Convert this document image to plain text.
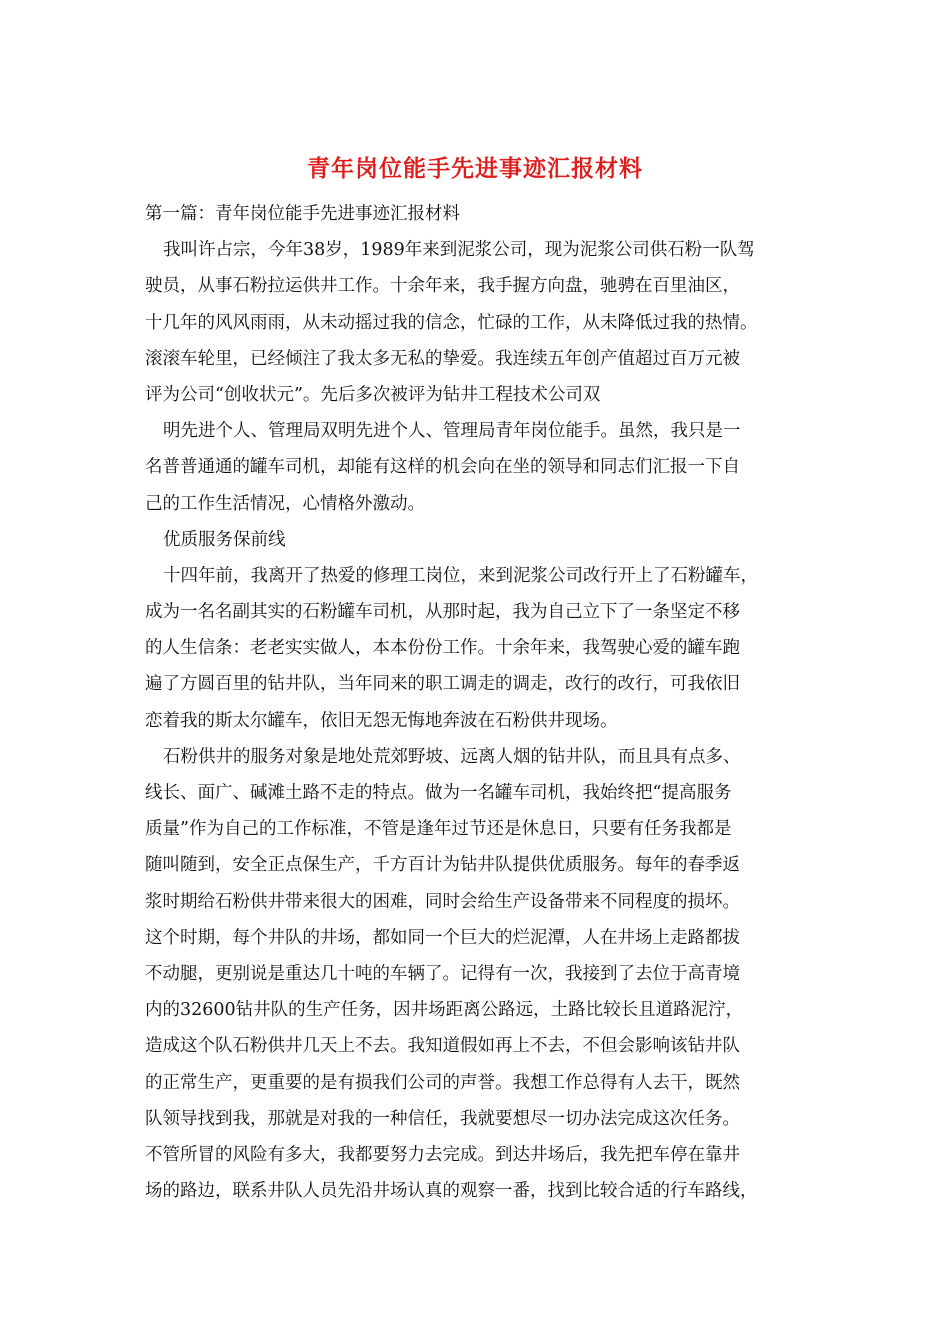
青年岗位能手先进事迹汇报材料
第一篇：青年岗位能手先进事迹汇报材料
我叫许占宗，今年38岁，1989年来到泥浆公司，现为泥浆公司供石粉一队驾
驶员，从事石粉拉运供井工作。十余年来，我手握方向盘，驰骋在百里油区，
十几年的风风雨雨，从未动摇过我的信念，忙碌的工作，从未降低过我的热情。
滚滚车轮里，已经倾注了我太多无私的挚爱。我连续五年创产值超过百万元被
评为公司“创收状元”。先后多次被评为钻井工程技术公司双
明先进个人、管理局双明先进个人、管理局青年岗位能手。虽然，我只是一
名普普通通的罐车司机，却能有这样的机会向在坐的领导和同志们汇报一下自
己的工作生活情况，心情格外激动。
优质服务保前线
十四年前，我离开了热爱的修理工岗位，来到泥浆公司改行开上了石粉罐车，
成为一名名副其实的石粉罐车司机，从那时起，我为自己立下了一条坚定不移
的人生信条：老老实实做人，本本份份工作。十余年来，我驾驶心爱的罐车跑
遍了方圆百里的钻井队，当年同来的职工调走的调走，改行的改行，可我依旧
恋着我的斯太尔罐车，依旧无怨无悔地奔波在石粉供井现场。
石粉供井的服务对象是地处荒郊野坡、远离人烟的钻井队，而且具有点多、
线长、面广、碱滩土路不走的特点。做为一名罐车司机，我始终把“提高服务
质量”作为自己的工作标准，不管是逢年过节还是休息日，只要有任务我都是
随叫随到，安全正点保生产，千方百计为钻井队提供优质服务。每年的春季返
浆时期给石粉供井带来很大的困难，同时会给生产设备带来不同程度的损坏。
这个时期，每个井队的井场，都如同一个巨大的烂泥潭，人在井场上走路都拔
不动腿，更别说是重达几十吨的车辆了。记得有一次，我接到了去位于高青境
内的32600钻井队的生产任务，因井场距离公路远，土路比较长且道路泥泞，
造成这个队石粉供井几天上不去。我知道假如再上不去，不但会影响该钻井队
的正常生产，更重要的是有损我们公司的声誉。我想工作总得有人去干，既然
队领导找到我，那就是对我的一种信任，我就要想尽一切办法完成这次任务。
不管所冒的风险有多大，我都要努力去完成。到达井场后，我先把车停在靠井
场的路边，联系井队人员先沿井场认真的观察一番，找到比较合适的行车路线，
